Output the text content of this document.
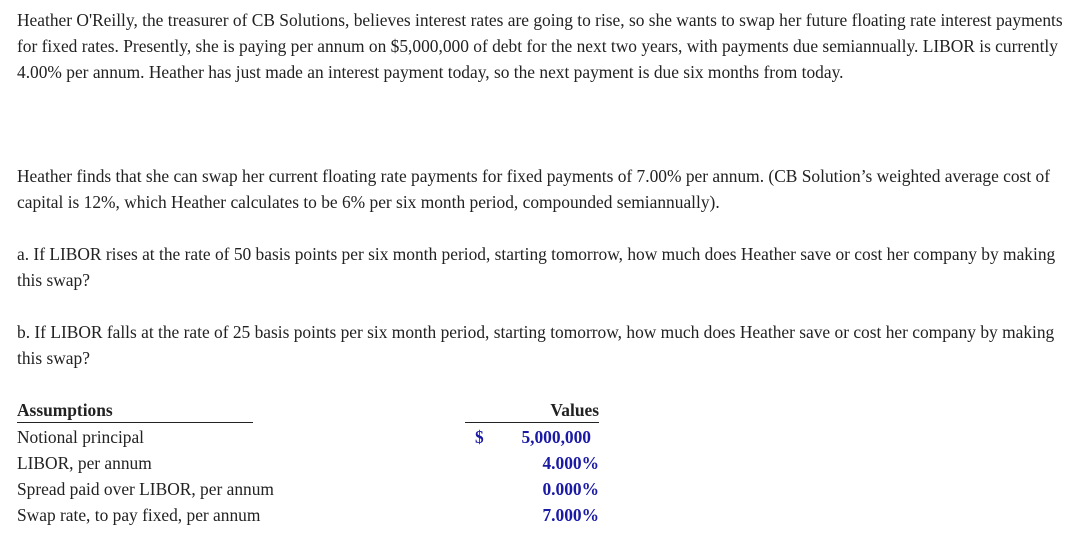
Heather O'Reilly, the treasurer of CB Solutions, believes interest rates are going to rise, so she wants to swap her future floating rate interest payments for fixed rates. Presently, she is paying per annum on $5,000,000 of debt for the next two years, with payments due semiannually. LIBOR is currently 4.00% per annum. Heather has just made an interest payment today, so the next payment is due six months from today.

Heather finds that she can swap her current floating rate payments for fixed payments of 7.00% per annum. (CB Solution’s weighted average cost of capital is 12%, which Heather calculates to be 6% per six month period, compounded semiannually).

a. If LIBOR rises at the rate of 50 basis points per six month period, starting tomorrow, how much does Heather save or cost her company by making this swap?

b. If LIBOR falls at the rate of 25 basis points per six month period, starting tomorrow, how much does Heather save or cost her company by making this swap?

Assumptions	Values
Notional principal	$	5,000,000
LIBOR, per annum	4.000%
Spread paid over LIBOR, per annum	0.000%
Swap rate, to pay fixed, per annum	7.000%
